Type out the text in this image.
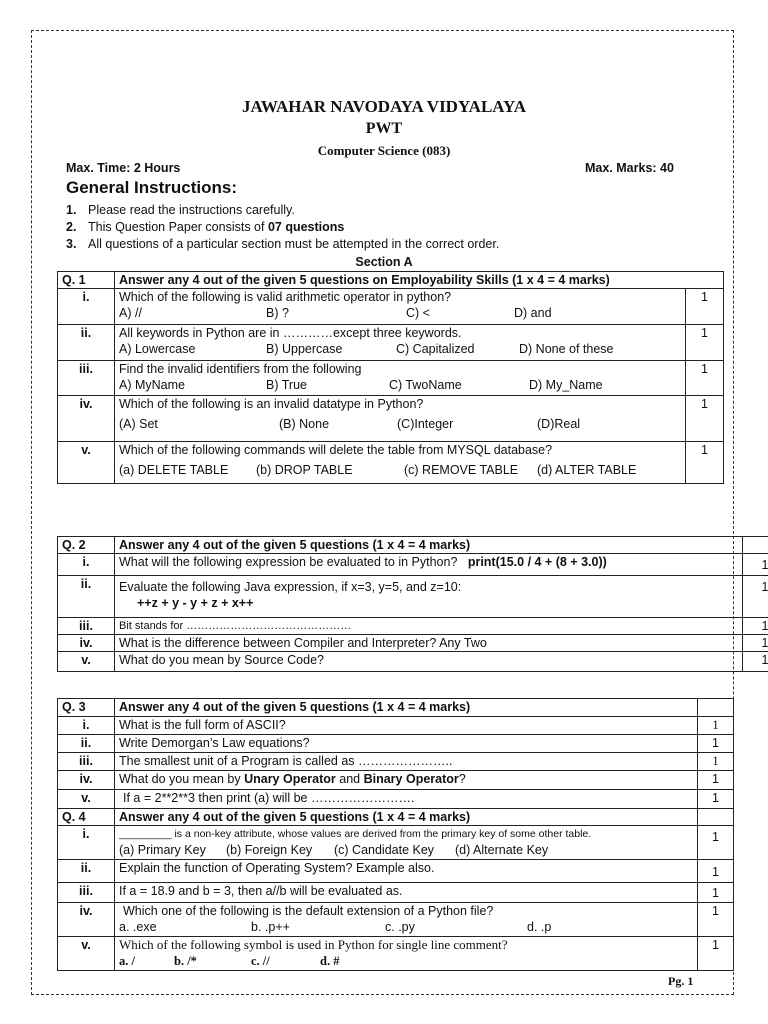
JAWAHAR NAVODAYA VIDYALAYA
PWT
Computer Science (083)
Max. Time: 2 Hours	Max. Marks: 40
General Instructions:
1. Please read the instructions carefully.
2. This Question Paper consists of 07 questions
3. All questions of a particular section must be attempted in the correct order.
Section A
Q. 1	Answer any 4 out of the given 5 questions on Employability Skills (1 x 4 = 4 marks)	
i.	Which of the following is valid arithmetic operator in python?
A) // B) ? C) < D) and	1
ii.	All keywords in Python are in …………except three keywords.
A) Lowercase B) Uppercase C) Capitalized D) None of these	1
iii.	Find the invalid identifiers from the following
A) MyName B) True C) TwoName D) My_Name	1
iv.	Which of the following is an invalid datatype in Python?
(A) Set (B) None (C)Integer (D)Real	1
v.	Which of the following commands will delete the table from MYSQL database?
(a) DELETE TABLE (b) DROP TABLE (c) REMOVE TABLE (d) ALTER TABLE	1
Q. 2	Answer any 4 out of the given 5 questions (1 x 4 = 4 marks)	
i.	What will the following expression be evaluated to in Python? print(15.0 / 4 + (8 + 3.0))	1
ii.	Evaluate the following Java expression, if x=3, y=5, and z=10:
++z + y - y + z + x++	1
iii.	Bit stands for ………………………………………	1
iv.	What is the difference between Compiler and Interpreter? Any Two	1
v.	What do you mean by Source Code?	1
Q. 3	Answer any 4 out of the given 5 questions (1 x 4 = 4 marks)	
i.	What is the full form of ASCII?	1
ii.	Write Demorgan’s Law equations?	1
iii.	The smallest unit of a Program is called as …………………..	1
iv.	What do you mean by Unary Operator and Binary Operator?	1
v.	If a = 2**2**3 then print (a) will be …………………….	1
Q. 4	Answer any 4 out of the given 5 questions (1 x 4 = 4 marks)	
i.	_________ is a non-key attribute, whose values are derived from the primary key of some other table.
(a) Primary Key (b) Foreign Key (c) Candidate Key (d) Alternate Key	1
ii.	Explain the function of Operating System? Example also.	1
iii.	If a = 18.9 and b = 3, then a//b will be evaluated as.	1
iv.	Which one of the following is the default extension of a Python file?
a. .exe b. .p++ c. .py d. .p	1
v.	Which of the following symbol is used in Python for single line comment?
a. / b. /* c. // d. #	1
Pg. 1
